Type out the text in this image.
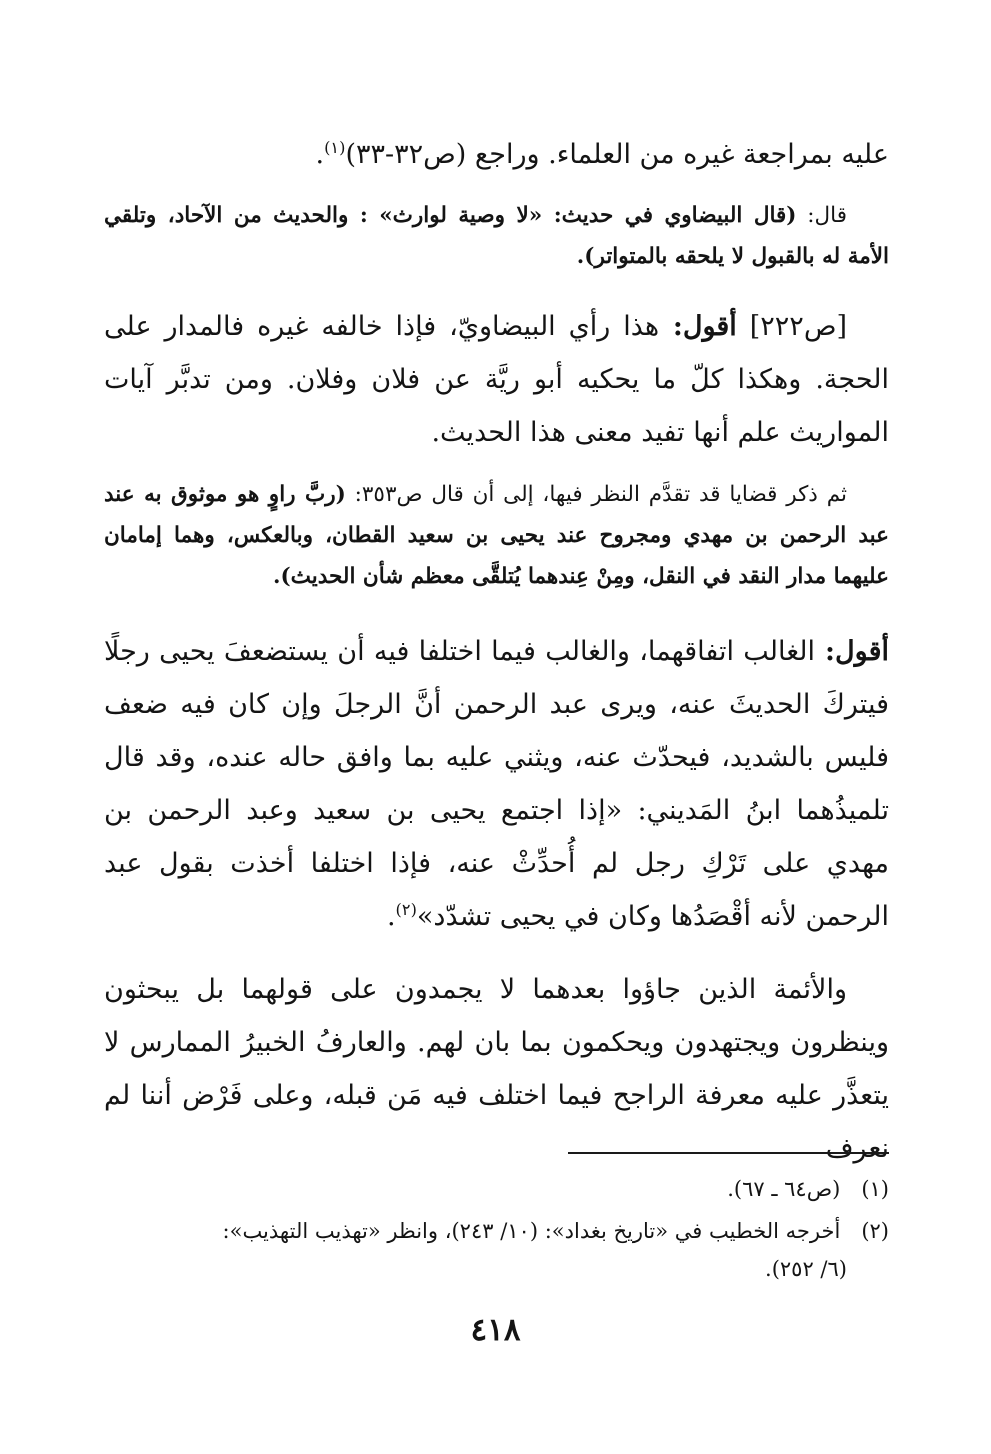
عليه بمراجعة غيره من العلماء. وراجع (ص٣٢-٣٣)$^{(١)}$.
قال: (قال البيضاوي في حديث: «لا وصية لوارث» : والحديث من الآحاد، وتلقي الأمة له بالقبول لا يلحقه بالمتواتر).
[ص٢٢٢] أقول: هذا رأي البيضاويّ، فإذا خالفه غيره فالمدار على الحجة. وهكذا كلّ ما يحكيه أبو ريَّة عن فلان وفلان. ومن تدبَّر آيات المواريث علم أنها تفيد معنى هذا الحديث.
ثم ذكر قضايا قد تقدَّم النظر فيها، إلى أن قال ص٣٥٣: (ربَّ راوٍ هو موثوق به عند عبد الرحمن بن مهدي ومجروح عند يحيى بن سعيد القطان، وبالعكس، وهما إمامان عليهما مدار النقد في النقل، ومِنْ عِندهما يُتلقَّى معظم شأن الحديث).
أقول: الغالب اتفاقهما، والغالب فيما اختلفا فيه أن يستضعفَ يحيى رجلًا فيتركَ الحديثَ عنه، ويرى عبد الرحمن أنَّ الرجلَ وإن كان فيه ضعف فليس بالشديد، فيحدّث عنه، ويثني عليه بما وافق حاله عنده، وقد قال تلميذُهما ابنُ المَديني: «إذا اجتمع يحيى بن سعيد وعبد الرحمن بن مهدي على تَرْكِ رجل لم أُحدِّثْ عنه، فإذا اختلفا أخذت بقول عبد الرحمن لأنه أقْصَدُها وكان في يحيى تشدّد»$^{(٢)}$.
والأئمة الذين جاؤوا بعدهما لا يجمدون على قولهما بل يبحثون وينظرون ويجتهدون ويحكمون بما بان لهم. والعارفُ الخبيرُ الممارس لا يتعذَّر عليه معرفة الراجح فيما اختلف فيه مَن قبله، وعلى فَرْض أننا لم نعرف
(١) (ص٦٤ ـ ٦٧).
(٢) أخرجه الخطيب في «تاريخ بغداد»: (١٠/ ٢٤٣)، وانظر «تهذيب التهذيب»:
(٦/ ٢٥٢).
٤١٨
